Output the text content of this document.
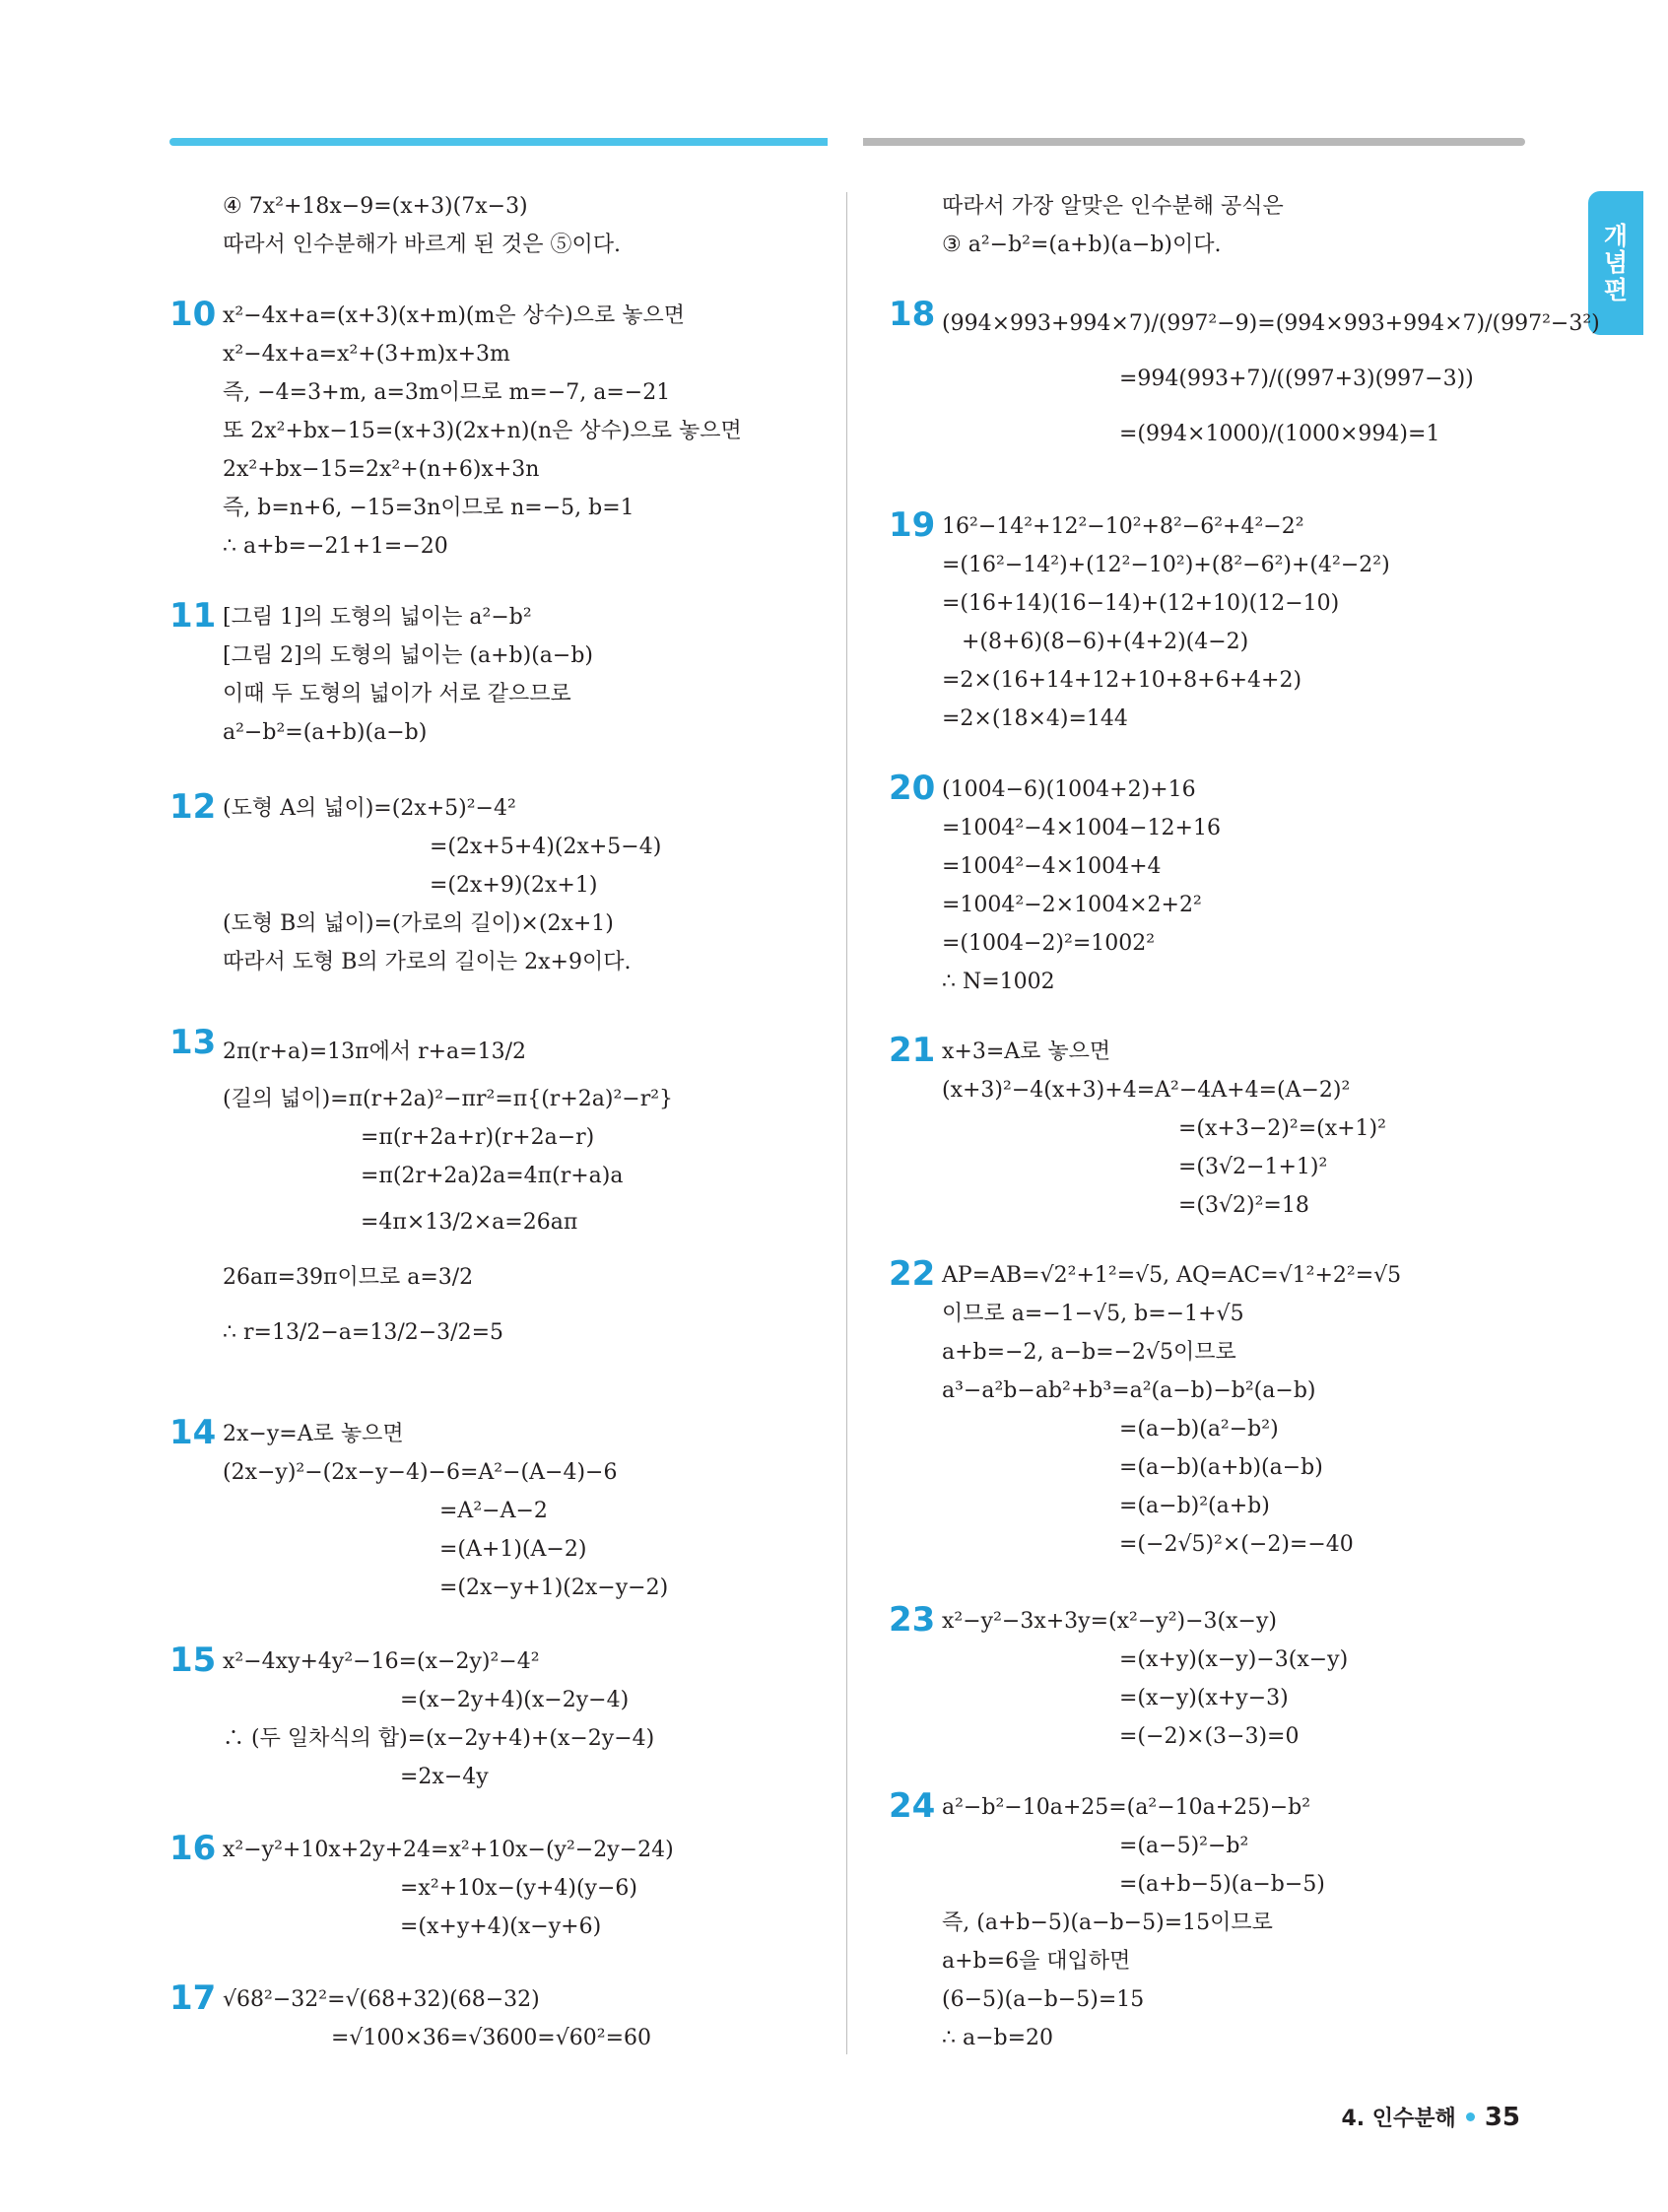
개
념
편
④ 7x²+18x−9=(x+3)(7x−3)
따라서 인수분해가 바르게 된 것은 ⑤이다.
10 x²−4x+a=(x+3)(x+m)(m은 상수)으로 놓으면
x²−4x+a=x²+(3+m)x+3m
즉, −4=3+m, a=3m이므로 m=−7, a=−21
또 2x²+bx−15=(x+3)(2x+n)(n은 상수)으로 놓으면
2x²+bx−15=2x²+(n+6)x+3n
즉, b=n+6, −15=3n이므로 n=−5, b=1
∴ a+b=−21+1=−20
11 [그림 1]의 도형의 넓이는 a²−b²
[그림 2]의 도형의 넓이는 (a+b)(a−b)
이때 두 도형의 넓이가 서로 같으므로
a²−b²=(a+b)(a−b)
12 (도형 A의 넓이)=(2x+5)²−4²
=(2x+5+4)(2x+5−4)
=(2x+9)(2x+1)
(도형 B의 넓이)=(가로의 길이)×(2x+1)
따라서 도형 B의 가로의 길이는 2x+9이다.
13 2π(r+a)=13π에서 r+a=13/2
(길의 넓이)=π(r+2a)²−πr²=π{(r+2a)²−r²}
=π(r+2a+r)(r+2a−r)
=π(2r+2a)2a=4π(r+a)a
=4π×13/2×a=26aπ
26aπ=39π이므로 a=3/2
∴ r=13/2−a=13/2−3/2=5
14 2x−y=A로 놓으면
(2x−y)²−(2x−y−4)−6=A²−(A−4)−6
=A²−A−2
=(A+1)(A−2)
=(2x−y+1)(2x−y−2)
15 x²−4xy+4y²−16=(x−2y)²−4²
=(x−2y+4)(x−2y−4)
∴ (두 일차식의 합)=(x−2y+4)+(x−2y−4)
=2x−4y
16 x²−y²+10x+2y+24=x²+10x−(y²−2y−24)
=x²+10x−(y+4)(y−6)
=(x+y+4)(x−y+6)
17 √68²−32²=√(68+32)(68−32)
=√100×36=√3600=√60²=60
따라서 가장 알맞은 인수분해 공식은
③ a²−b²=(a+b)(a−b)이다.
18 (994×993+994×7)/(997²−9)=(994×993+994×7)/(997²−3²)
=994(993+7)/((997+3)(997−3))
=(994×1000)/(1000×994)=1
19 16²−14²+12²−10²+8²−6²+4²−2²
=(16²−14²)+(12²−10²)+(8²−6²)+(4²−2²)
=(16+14)(16−14)+(12+10)(12−10)
+(8+6)(8−6)+(4+2)(4−2)
=2×(16+14+12+10+8+6+4+2)
=2×(18×4)=144
20 (1004−6)(1004+2)+16
=1004²−4×1004−12+16
=1004²−4×1004+4
=1004²−2×1004×2+2²
=(1004−2)²=1002²
∴ N=1002
21 x+3=A로 놓으면
(x+3)²−4(x+3)+4=A²−4A+4=(A−2)²
=(x+3−2)²=(x+1)²
=(3√2−1+1)²
=(3√2)²=18
22 AP=AB=√2²+1²=√5, AQ=AC=√1²+2²=√5
이므로 a=−1−√5, b=−1+√5
a+b=−2, a−b=−2√5이므로
a³−a²b−ab²+b³=a²(a−b)−b²(a−b)
=(a−b)(a²−b²)
=(a−b)(a+b)(a−b)
=(a−b)²(a+b)
=(−2√5)²×(−2)=−40
23 x²−y²−3x+3y=(x²−y²)−3(x−y)
=(x+y)(x−y)−3(x−y)
=(x−y)(x+y−3)
=(−2)×(3−3)=0
24 a²−b²−10a+25=(a²−10a+25)−b²
=(a−5)²−b²
=(a+b−5)(a−b−5)
즉, (a+b−5)(a−b−5)=15이므로
a+b=6을 대입하면
(6−5)(a−b−5)=15
∴ a−b=20
4. 인수분해 35
